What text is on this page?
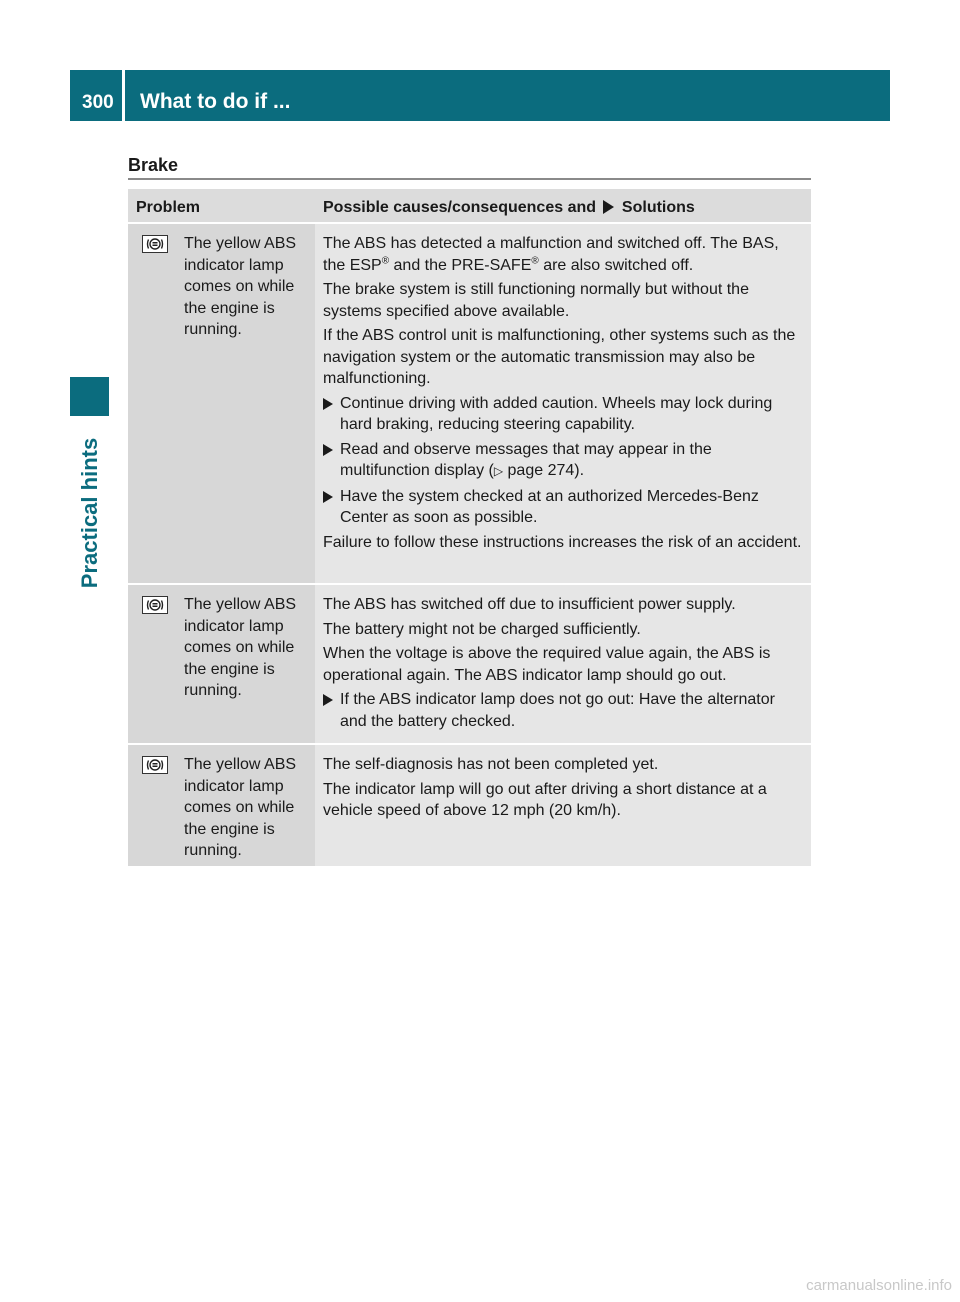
300 What to do if ...
Practical hints
Brake
Problem	Possible causes/consequences and Solutions
The yellow ABS indicator lamp comes on while the engine is running.

The ABS has detected a malfunction and switched off. The BAS, the ESP® and the PRE-SAFE® are also switched off.

The brake system is still functioning normally but without the systems specified above available.

If the ABS control unit is malfunctioning, other systems such as the navigation system or the automatic transmission may also be malfunctioning.

Continue driving with added caution. Wheels may lock during hard braking, reducing steering capability.

Read and observe messages that may appear in the multifunction display (▷ page 274).

Have the system checked at an authorized Mercedes-Benz Center as soon as possible.

Failure to follow these instructions increases the risk of an accident.

The yellow ABS indicator lamp comes on while the engine is running.

The ABS has switched off due to insufficient power supply.

The battery might not be charged sufficiently.

When the voltage is above the required value again, the ABS is operational again. The ABS indicator lamp should go out.

If the ABS indicator lamp does not go out: Have the alternator and the battery checked.

The yellow ABS indicator lamp comes on while the engine is running.

The self-diagnosis has not been completed yet.

The indicator lamp will go out after driving a short distance at a vehicle speed of above 12 mph (20 km/h).

carmanualsonline.info
